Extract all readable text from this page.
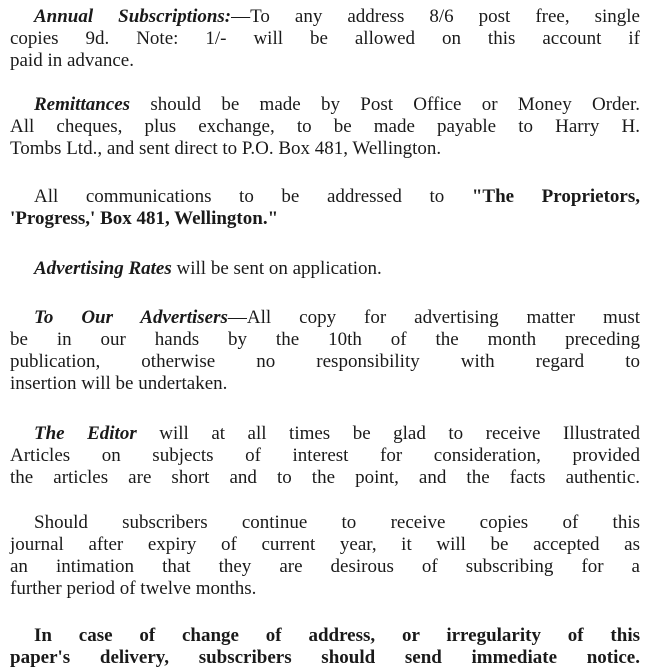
Annual Subscriptions:—To any address 8/6 post free, single
copies 9d. Note: 1/- will be allowed on this account if
paid in advance.

Remittances should be made by Post Office or Money Order.
All cheques, plus exchange, to be made payable to Harry H.
Tombs Ltd., and sent direct to P.O. Box 481, Wellington.

All communications to be addressed to "The Proprietors,
'Progress,' Box 481, Wellington."

Advertising Rates will be sent on application.

To Our Advertisers—All copy for advertising matter must
be in our hands by the 10th of the month preceding
publication, otherwise no responsibility with regard to
insertion will be undertaken.

The Editor will at all times be glad to receive Illustrated
Articles on subjects of interest for consideration, provided
the articles are short and to the point, and the facts authentic.

Should subscribers continue to receive copies of this
journal after expiry of current year, it will be accepted as
an intimation that they are desirous of subscribing for a
further period of twelve months.

In case of change of address, or irregularity of this
paper's delivery, subscribers should send immediate notice.
